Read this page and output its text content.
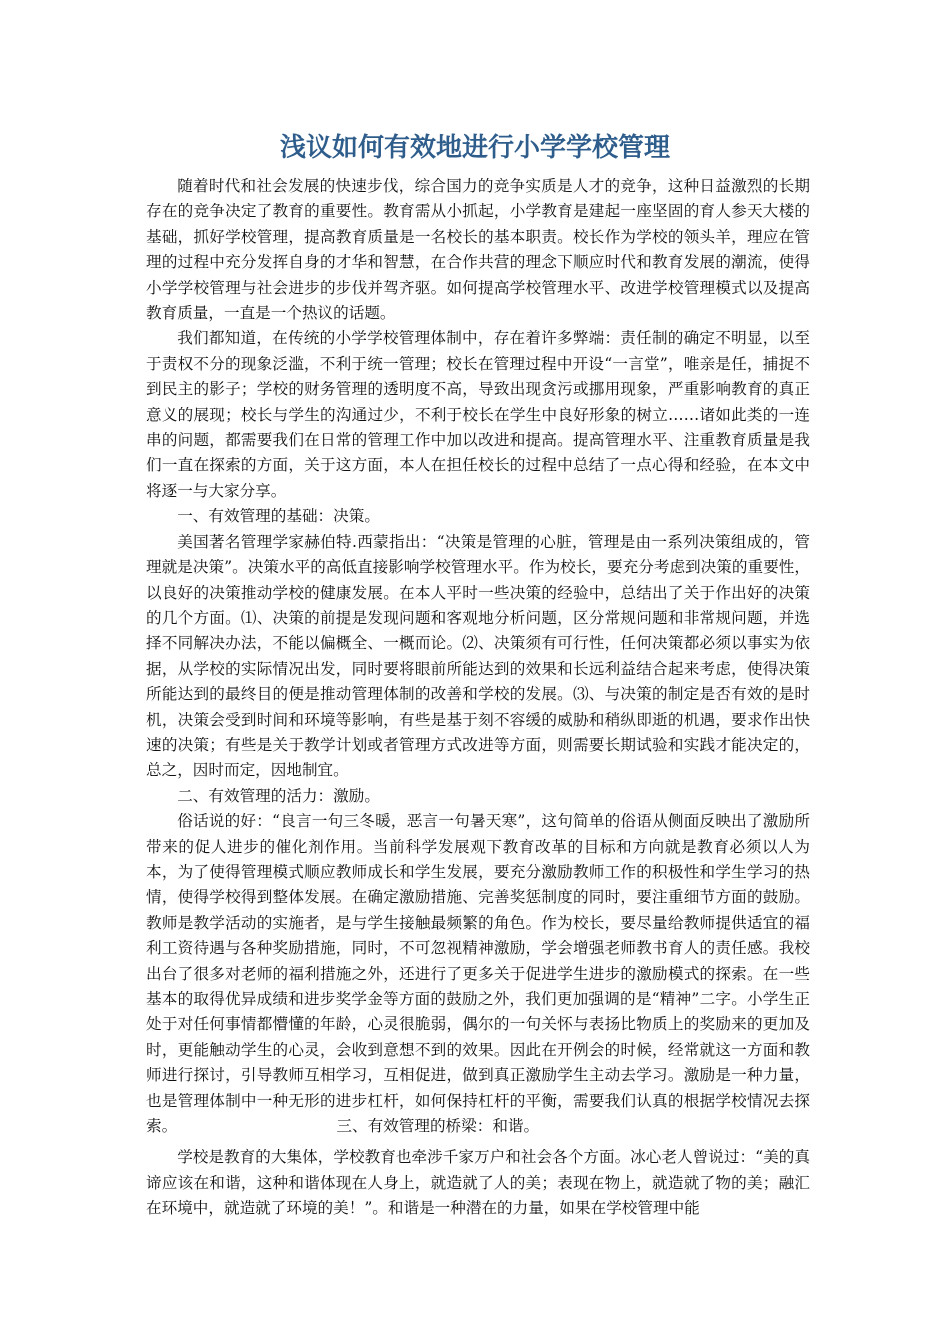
浅议如何有效地进行小学学校管理

随着时代和社会发展的快速步伐，综合国力的竞争实质是人才的竞争，这种日益激烈的长期存在的竞争决定了教育的重要性。教育需从小抓起，小学教育是建起一座坚固的育人参天大楼的基础，抓好学校管理，提高教育质量是一名校长的基本职责。校长作为学校的领头羊，理应在管理的过程中充分发挥自身的才华和智慧，在合作共营的理念下顺应时代和教育发展的潮流，使得小学学校管理与社会进步的步伐并驾齐驱。如何提高学校管理水平、改进学校管理模式以及提高教育质量，一直是一个热议的话题。

我们都知道，在传统的小学学校管理体制中，存在着许多弊端：责任制的确定不明显，以至于责权不分的现象泛滥，不利于统一管理；校长在管理过程中开设“一言堂”，唯亲是任，捕捉不到民主的影子；学校的财务管理的透明度不高，导致出现贪污或挪用现象，严重影响教育的真正意义的展现；校长与学生的沟通过少，不利于校长在学生中良好形象的树立……诸如此类的一连串的问题，都需要我们在日常的管理工作中加以改进和提高。提高管理水平、注重教育质量是我们一直在探索的方面，关于这方面，本人在担任校长的过程中总结了一点心得和经验，在本文中将逐一与大家分享。

一、有效管理的基础：决策。

美国著名管理学家赫伯特.西蒙指出：“决策是管理的心脏，管理是由一系列决策组成的，管理就是决策”。决策水平的高低直接影响学校管理水平。作为校长，要充分考虑到决策的重要性，以良好的决策推动学校的健康发展。在本人平时一些决策的经验中，总结出了关于作出好的决策的几个方面。⑴、决策的前提是发现问题和客观地分析问题，区分常规问题和非常规问题，并选择不同解决办法，不能以偏概全、一概而论。⑵、决策须有可行性，任何决策都必须以事实为依据，从学校的实际情况出发，同时要将眼前所能达到的效果和长远利益结合起来考虑，使得决策所能达到的最终目的便是推动管理体制的改善和学校的发展。⑶、与决策的制定是否有效的是时机，决策会受到时间和环境等影响，有些是基于刻不容缓的威胁和稍纵即逝的机遇，要求作出快速的决策；有些是关于教学计划或者管理方式改进等方面，则需要长期试验和实践才能决定的，总之，因时而定，因地制宜。

二、有效管理的活力：激励。

俗话说的好：“良言一句三冬暖，恶言一句暑天寒”，这句简单的俗语从侧面反映出了激励所带来的促人进步的催化剂作用。当前科学发展观下教育改革的目标和方向就是教育必须以人为本，为了使得管理模式顺应教师成长和学生发展，要充分激励教师工作的积极性和学生学习的热情，使得学校得到整体发展。在确定激励措施、完善奖惩制度的同时，要注重细节方面的鼓励。教师是教学活动的实施者，是与学生接触最频繁的角色。作为校长，要尽量给教师提供适宜的福利工资待遇与各种奖励措施，同时，不可忽视精神激励，学会增强老师教书育人的责任感。我校出台了很多对老师的福利措施之外，还进行了更多关于促进学生进步的激励模式的探索。在一些基本的取得优异成绩和进步奖学金等方面的鼓励之外，我们更加强调的是“精神”二字。小学生正处于对任何事情都懵懂的年龄，心灵很脆弱，偶尔的一句关怀与表扬比物质上的奖励来的更加及时，更能触动学生的心灵，会收到意想不到的效果。因此在开例会的时候，经常就这一方面和教师进行探讨，引导教师互相学习，互相促进，做到真正激励学生主动去学习。激励是一种力量，也是管理体制中一种无形的进步杠杆，如何保持杠杆的平衡，需要我们认真的根据学校情况去探索。	三、有效管理的桥梁：和谐。

学校是教育的大集体，学校教育也牵涉千家万户和社会各个方面。冰心老人曾说过：“美的真谛应该在和谐，这种和谐体现在人身上，就造就了人的美；表现在物上，就造就了物的美；融汇在环境中，就造就了环境的美！”。和谐是一种潜在的力量，如果在学校管理中能
